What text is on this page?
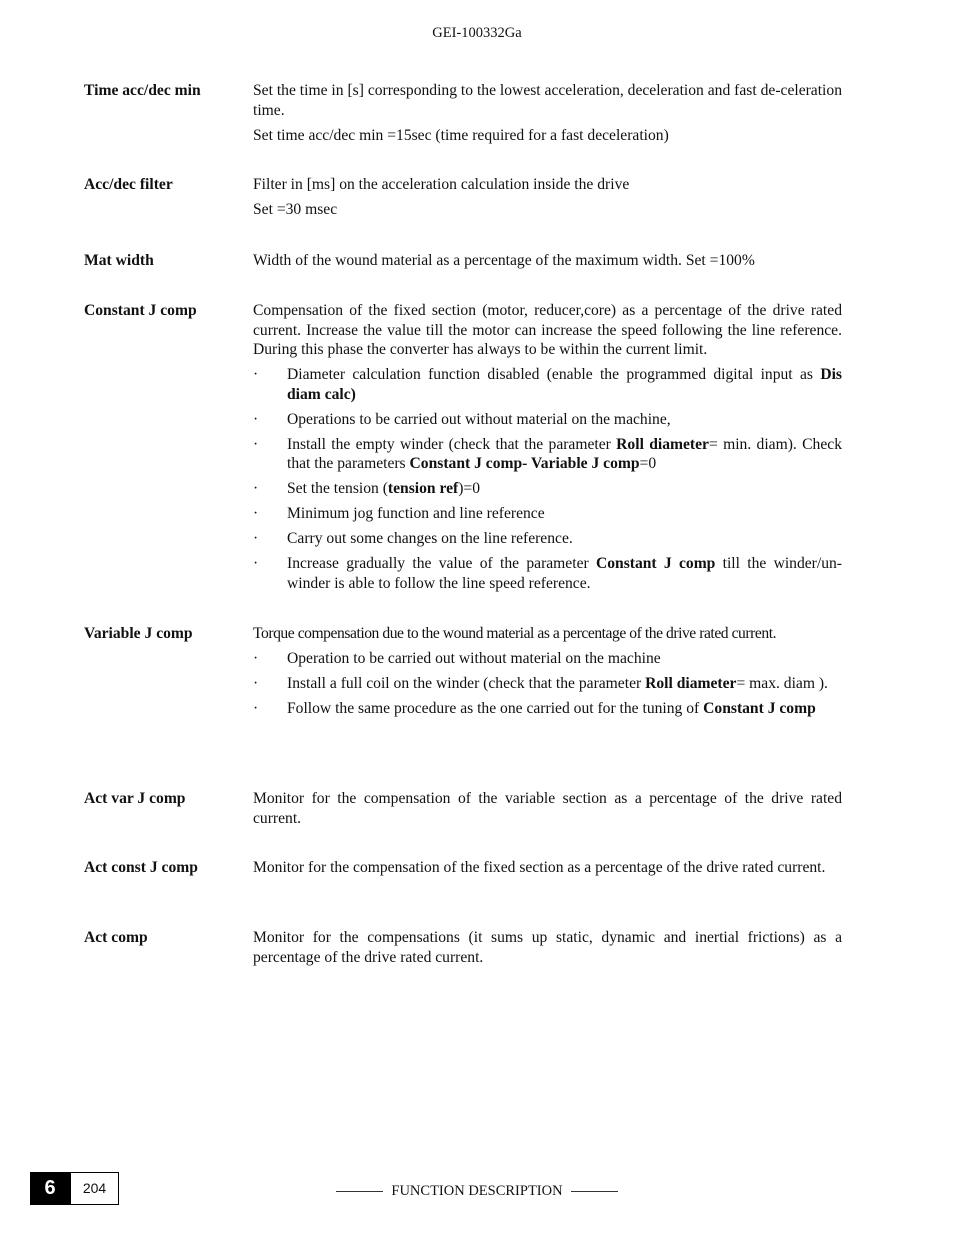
GEI-100332Ga
Time acc/dec min	Set the time in [s] corresponding to the lowest acceleration, deceleration and fast de-celeration time.

Set time acc/dec min =15sec (time required for a fast deceleration)

Acc/dec filter	Filter in [ms] on the acceleration calculation inside the drive

Set =30 msec

Mat width	Width of the wound material as a percentage of the maximum width. Set =100%

Constant J comp	Compensation of the fixed section (motor, reducer,core) as a percentage of the drive rated current. Increase the value till the motor can increase the speed following the line reference. During this phase the converter has always to be within the current limit.

· Diameter calculation function disabled (enable the programmed digital input as Dis diam calc)
· Operations to be carried out without material on the machine,
· Install the empty winder (check that the parameter Roll diameter= min. diam). Check that the parameters Constant J comp- Variable J comp=0
· Set the tension (tension ref)=0
· Minimum jog function and line reference
· Carry out some changes on the line reference.
· Increase gradually the value of the parameter Constant J comp till the winder/un-winder is able to follow the line speed reference.
Variable J comp	Torque compensation due to the wound material as a percentage of the drive rated current.

· Operation to be carried out without material on the machine
· Install a full coil on the winder (check that the parameter Roll diameter= max. diam ).
· Follow the same procedure as the one carried out for the tuning of Constant J comp
Act var J comp	Monitor for the compensation of the variable section as a percentage of the drive rated current.

Act const J comp	Monitor for the compensation of the fixed section as a percentage of the drive rated current.

Act comp	Monitor for the compensations (it sums up static, dynamic and inertial frictions) as a percentage of the drive rated current.

6	204	FUNCTION DESCRIPTION
